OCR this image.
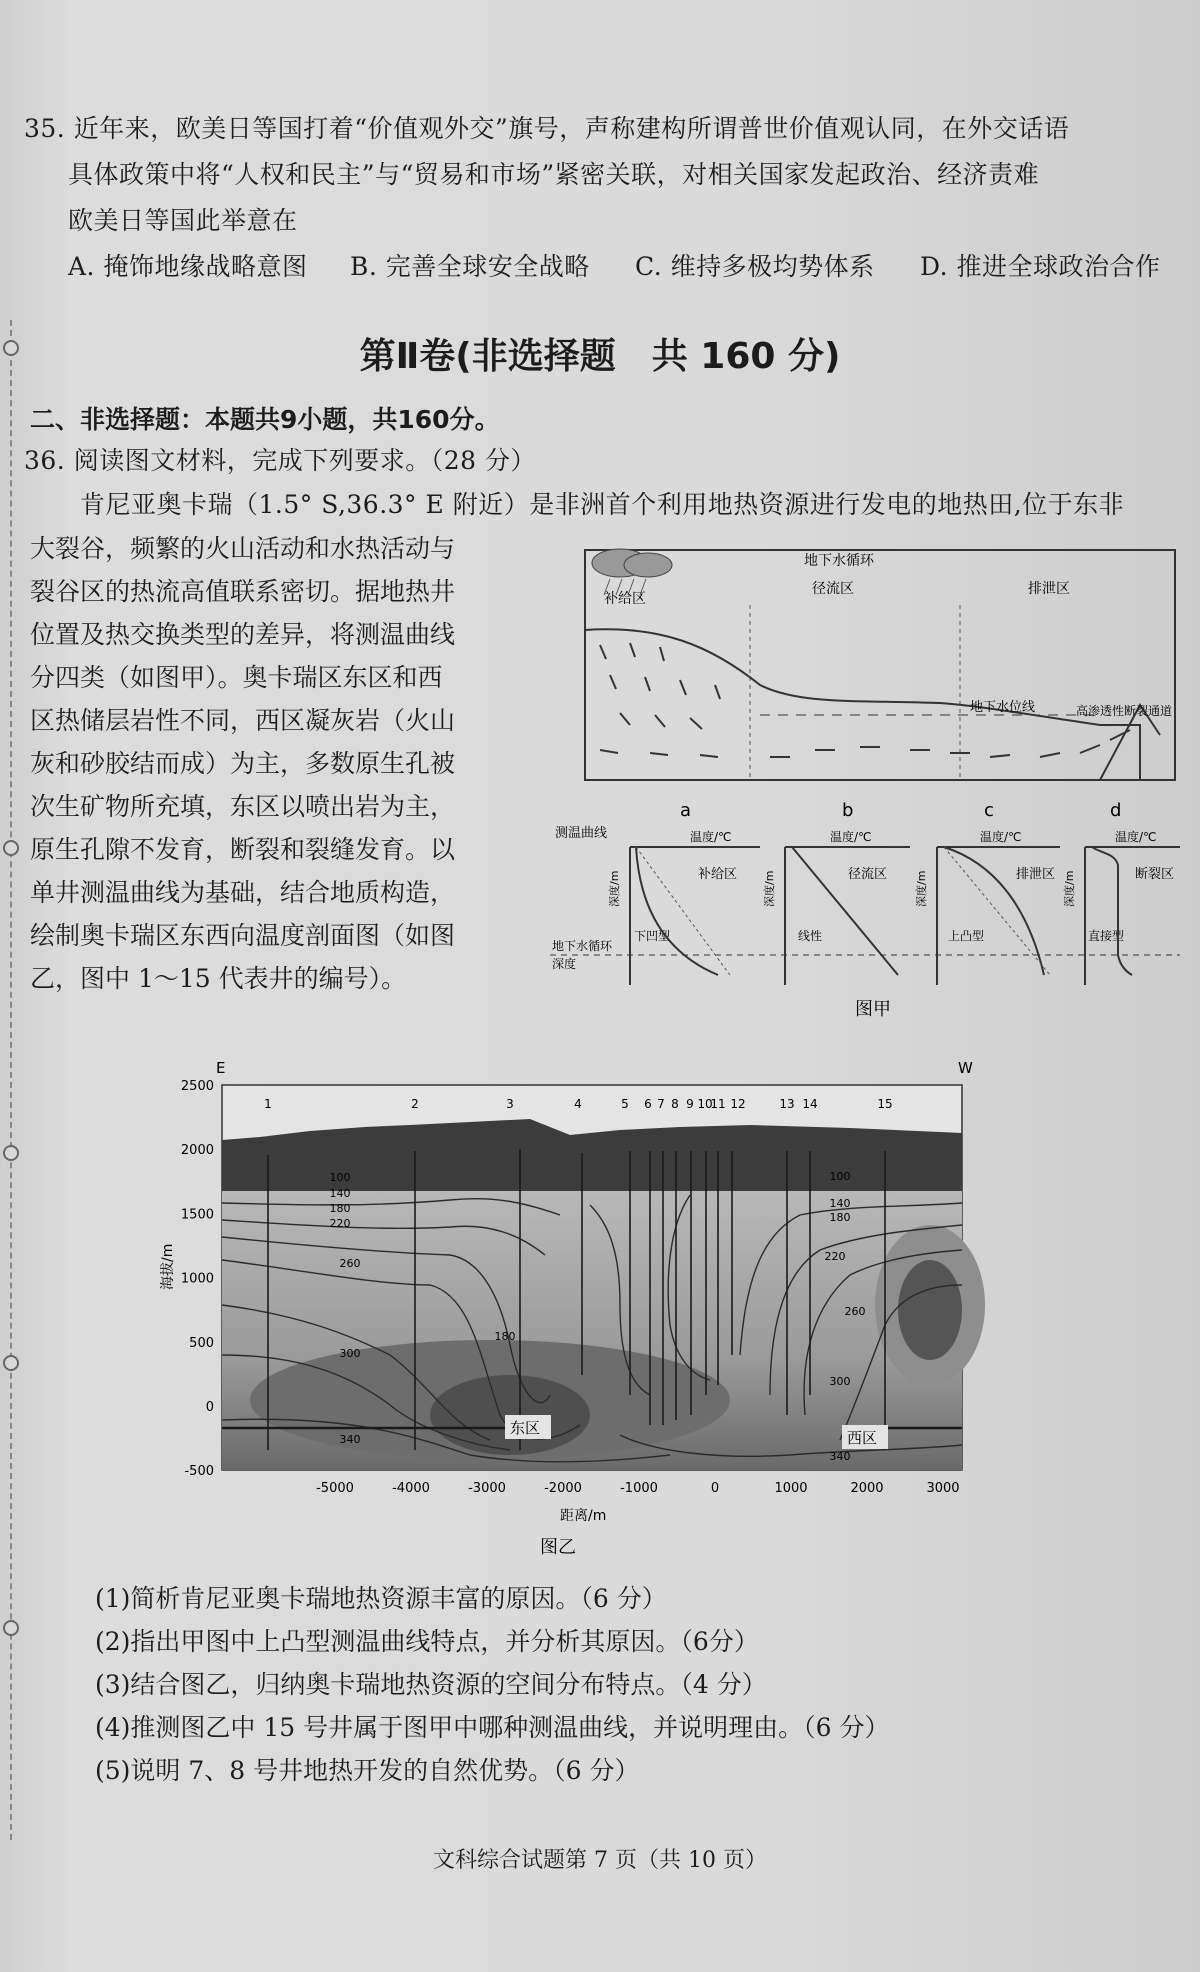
35. 近年来，欧美日等国打着“价值观外交”旗号，声称建构所谓普世价值观认同，在外交话语
具体政策中将“人权和民主”与“贸易和市场”紧密关联，对相关国家发起政治、经济责难
欧美日等国此举意在
A. 掩饰地缘战略意图 B. 完善全球安全战略 C. 维持多极均势体系 D. 推进全球政治合作
第Ⅱ卷(非选择题　共 160 分)
二、非选择题：本题共9小题，共160分。
36. 阅读图文材料，完成下列要求。（28 分）
肯尼亚奥卡瑞（1.5° S,36.3° E 附近）是非洲首个利用地热资源进行发电的地热田,位于东非
大裂谷，频繁的火山活动和水热活动与
裂谷区的热流高值联系密切。据地热井
位置及热交换类型的差异，将测温曲线
分四类（如图甲）。奥卡瑞区东区和西
区热储层岩性不同，西区凝灰岩（火山
灰和砂胶结而成）为主，多数原生孔被
次生矿物所充填，东区以喷出岩为主，
原生孔隙不发育，断裂和裂缝发育。以
单井测温曲线为基础，结合地质构造，
绘制奥卡瑞区东西向温度剖面图（如图
乙，图中 1～15 代表井的编号）。
地下水循环
补给区
径流区	排泄区
地下水位线	高渗透性断裂通道
测温曲线
地下水循环
深度
a
温度/℃
补给区
下凹型
深度/m
b
温度/℃
径流区
线性
深度/m
c
温度/℃
排泄区
上凸型
深度/m
d
温度/℃
断裂区
直接型
深度/m
图甲
东区
西区
E	W
海拔/m
距离/m
2500
2000
1500
1000
500
0
-500
-5000	-4000	-3000	-2000	-1000	0	1000	2000	3000
1	2	3	4	5 6 7 8 9 10
11 12	13 14	15
100
140
180
220
260
300
340
180
100
140
180
220
260
300
340
图乙
(1)简析肯尼亚奥卡瑞地热资源丰富的原因。（6 分）
(2)指出甲图中上凸型测温曲线特点，并分析其原因。（6分）
(3)结合图乙，归纳奥卡瑞地热资源的空间分布特点。（4 分）
(4)推测图乙中 15 号井属于图甲中哪种测温曲线，并说明理由。（6 分）
(5)说明 7、8 号井地热开发的自然优势。（6 分）
文科综合试题第 7 页（共 10 页）
